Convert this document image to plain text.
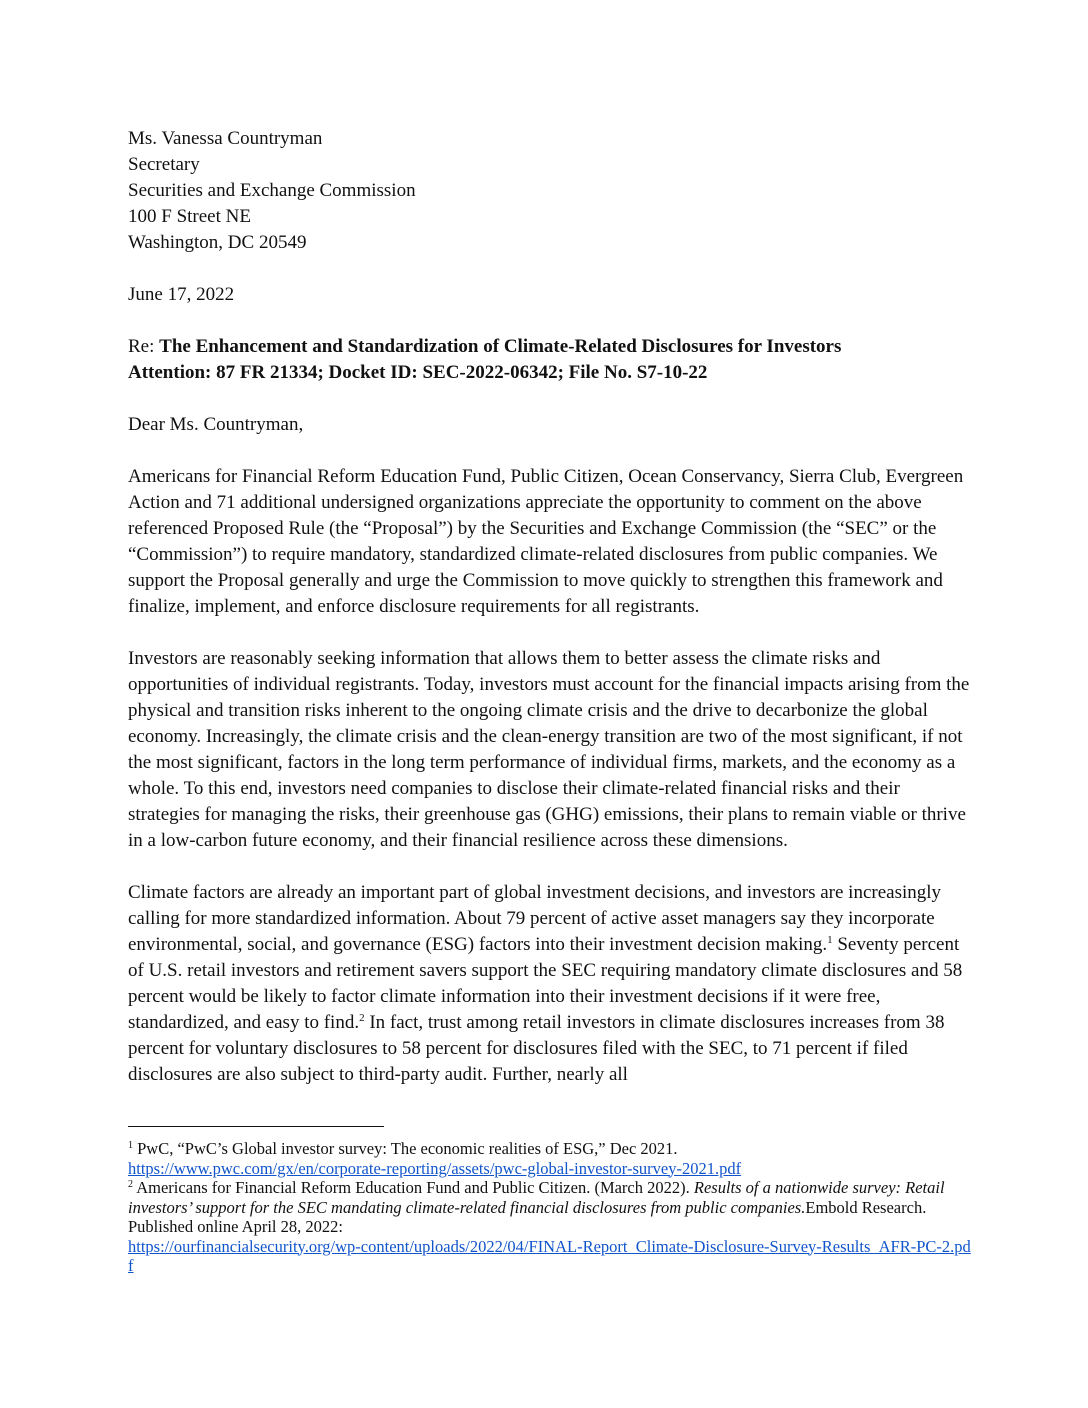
Ms. Vanessa Countryman
Secretary
Securities and Exchange Commission
100 F Street NE
Washington, DC 20549

June 17, 2022

Re: The Enhancement and Standardization of Climate-Related Disclosures for Investors
Attention: 87 FR 21334; Docket ID: SEC-2022-06342; File No. S7-10-22

Dear Ms. Countryman,

Americans for Financial Reform Education Fund, Public Citizen, Ocean Conservancy, Sierra Club, Evergreen Action and 71 additional undersigned organizations appreciate the opportunity to comment on the above referenced Proposed Rule (the “Proposal”) by the Securities and Exchange Commission (the “SEC” or the “Commission”) to require mandatory, standardized climate-related disclosures from public companies. We support the Proposal generally and urge the Commission to move quickly to strengthen this framework and finalize, implement, and enforce disclosure requirements for all registrants.

Investors are reasonably seeking information that allows them to better assess the climate risks and opportunities of individual registrants. Today, investors must account for the financial impacts arising from the physical and transition risks inherent to the ongoing climate crisis and the drive to decarbonize the global economy. Increasingly, the climate crisis and the clean-energy transition are two of the most significant, if not the most significant, factors in the long term performance of individual firms, markets, and the economy as a whole. To this end, investors need companies to disclose their climate-related financial risks and their strategies for managing the risks, their greenhouse gas (GHG) emissions, their plans to remain viable or thrive in a low-carbon future economy, and their financial resilience across these dimensions.

Climate factors are already an important part of global investment decisions, and investors are increasingly calling for more standardized information. About 79 percent of active asset managers say they incorporate environmental, social, and governance (ESG) factors into their investment decision making.$^1$ Seventy percent of U.S. retail investors and retirement savers support the SEC requiring mandatory climate disclosures and 58 percent would be likely to factor climate information into their investment decisions if it were free, standardized, and easy to find.$^2$ In fact, trust among retail investors in climate disclosures increases from 38 percent for voluntary disclosures to 58 percent for disclosures filed with the SEC, to 71 percent if filed disclosures are also subject to third-party audit. Further, nearly all

$^1$ PwC, “PwC’s Global investor survey: The economic realities of ESG,” Dec 2021.
https://www.pwc.com/gx/en/corporate-reporting/assets/pwc-global-investor-survey-2021.pdf

$^2$ Americans for Financial Reform Education Fund and Public Citizen. (March 2022). Results of a nationwide survey: Retail investors’ support for the SEC mandating climate-related financial disclosures from public companies.Embold Research. Published online April 28, 2022:
https://ourfinancialsecurity.org/wp-content/uploads/2022/04/FINAL-Report_Climate-Disclosure-Survey-Results_AFR-PC-2.pdf
